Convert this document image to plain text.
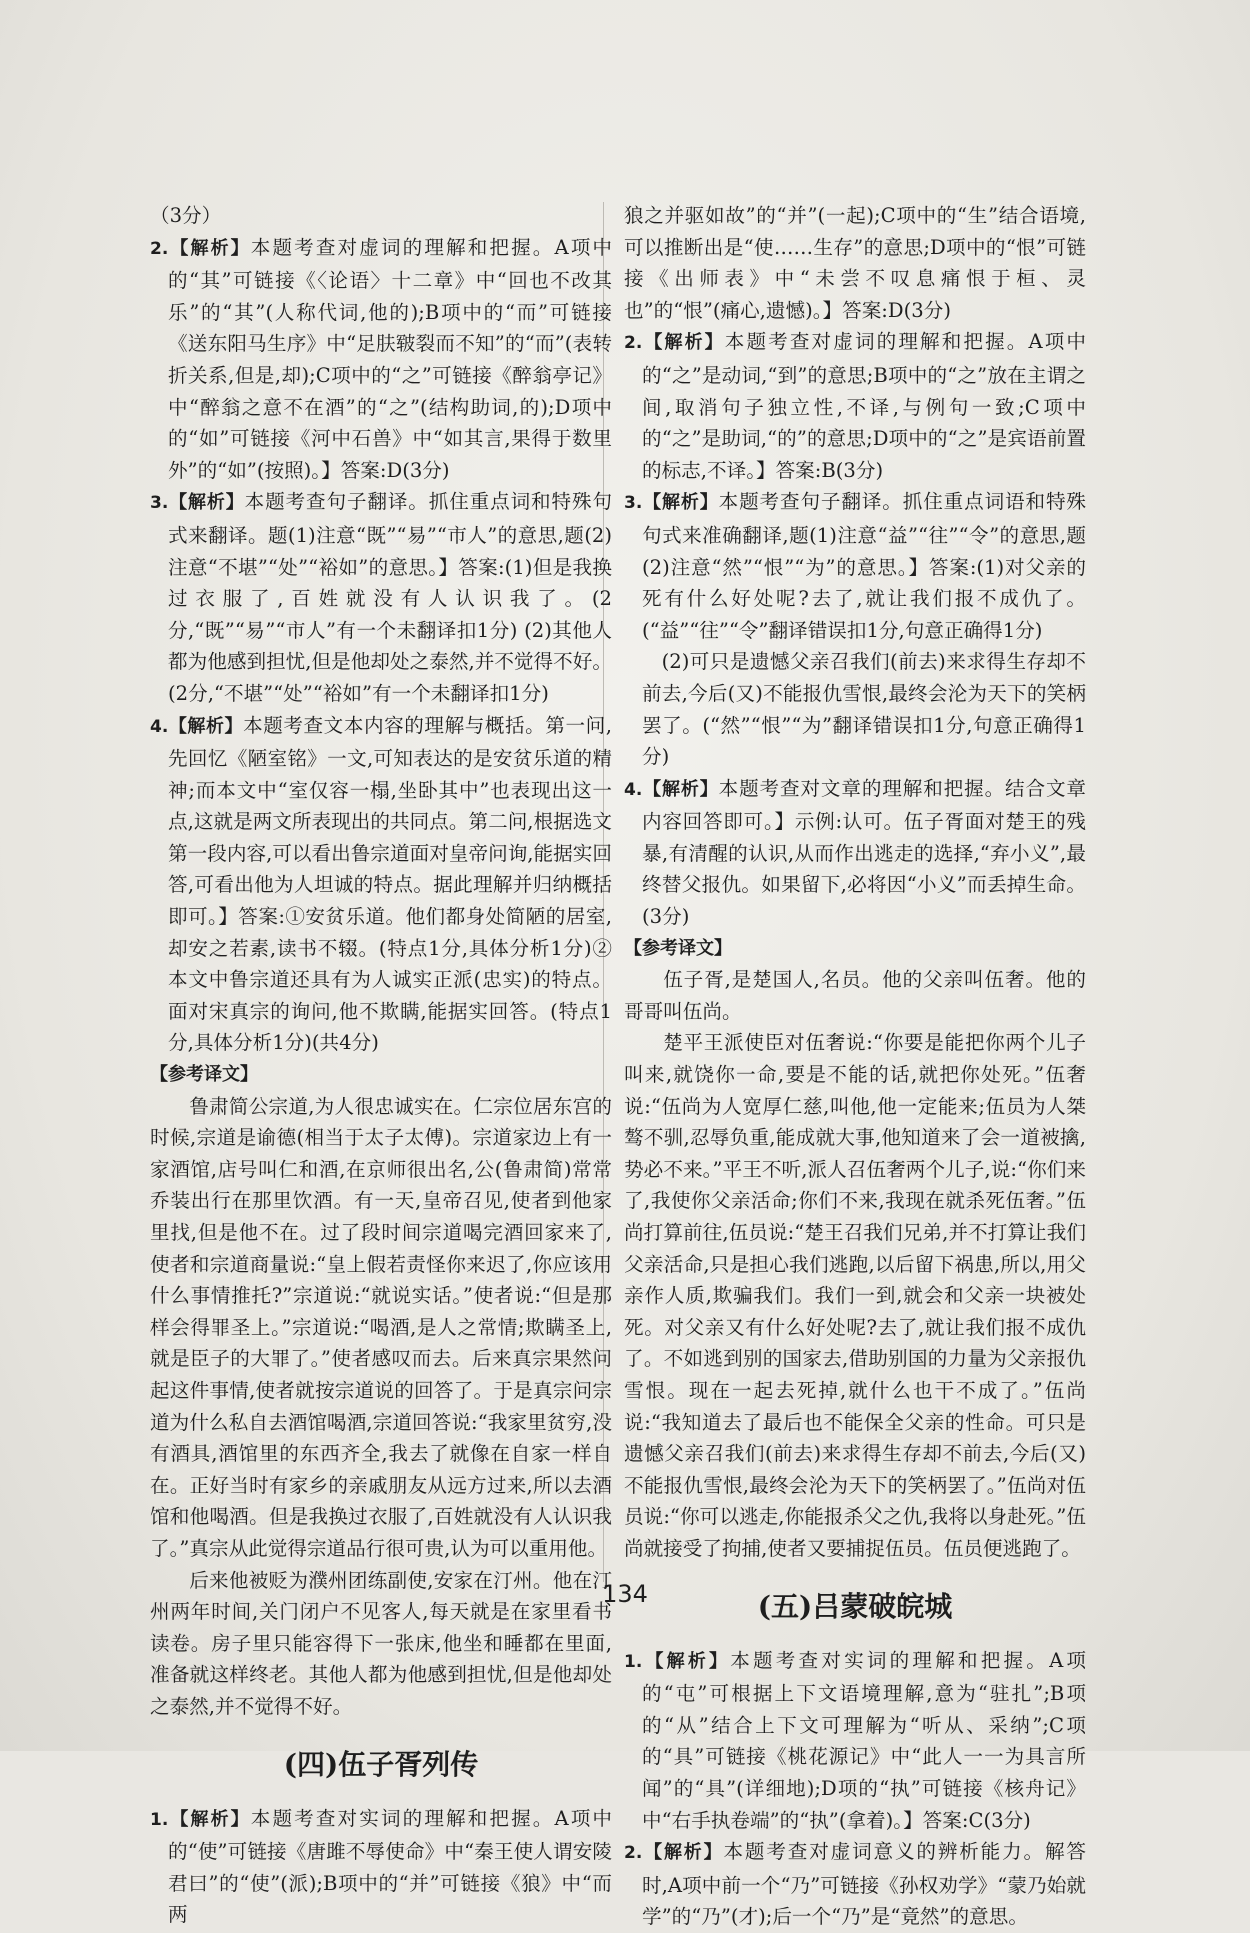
（3分）

2.【解析】本题考查对虚词的理解和把握。A项中的“其”可链接《〈论语〉十二章》中“回也不改其乐”的“其”(人称代词,他的);B项中的“而”可链接《送东阳马生序》中“足肤皲裂而不知”的“而”(表转折关系,但是,却);C项中的“之”可链接《醉翁亭记》中“醉翁之意不在酒”的“之”(结构助词,的);D项中的“如”可链接《河中石兽》中“如其言,果得于数里外”的“如”(按照)。】答案:D(3分)

3.【解析】本题考查句子翻译。抓住重点词和特殊句式来翻译。题(1)注意“既”“易”“市人”的意思,题(2)注意“不堪”“处”“裕如”的意思。】答案:(1)但是我换过衣服了,百姓就没有人认识我了。(2分,“既”“易”“市人”有一个未翻译扣1分) (2)其他人都为他感到担忧,但是他却处之泰然,并不觉得不好。(2分,“不堪”“处”“裕如”有一个未翻译扣1分)

4.【解析】本题考查文本内容的理解与概括。第一问,先回忆《陋室铭》一文,可知表达的是安贫乐道的精神;而本文中“室仅容一榻,坐卧其中”也表现出这一点,这就是两文所表现出的共同点。第二问,根据选文第一段内容,可以看出鲁宗道面对皇帝问询,能据实回答,可看出他为人坦诚的特点。据此理解并归纳概括即可。】答案:①安贫乐道。他们都身处简陋的居室,却安之若素,读书不辍。(特点1分,具体分析1分)②本文中鲁宗道还具有为人诚实正派(忠实)的特点。面对宋真宗的询问,他不欺瞒,能据实回答。(特点1分,具体分析1分)(共4分)

【参考译文】

鲁肃简公宗道,为人很忠诚实在。仁宗位居东宫的时候,宗道是谕德(相当于太子太傅)。宗道家边上有一家酒馆,店号叫仁和酒,在京师很出名,公(鲁肃简)常常乔装出行在那里饮酒。有一天,皇帝召见,使者到他家里找,但是他不在。过了段时间宗道喝完酒回家来了,使者和宗道商量说:“皇上假若责怪你来迟了,你应该用什么事情推托?”宗道说:“就说实话。”使者说:“但是那样会得罪圣上。”宗道说:“喝酒,是人之常情;欺瞒圣上,就是臣子的大罪了。”使者感叹而去。后来真宗果然问起这件事情,使者就按宗道说的回答了。于是真宗问宗道为什么私自去酒馆喝酒,宗道回答说:“我家里贫穷,没有酒具,酒馆里的东西齐全,我去了就像在自家一样自在。正好当时有家乡的亲戚朋友从远方过来,所以去酒馆和他喝酒。但是我换过衣服了,百姓就没有人认识我了。”真宗从此觉得宗道品行很可贵,认为可以重用他。

后来他被贬为濮州团练副使,安家在汀州。他在汀州两年时间,关门闭户不见客人,每天就是在家里看书读卷。房子里只能容得下一张床,他坐和睡都在里面,准备就这样终老。其他人都为他感到担忧,但是他却处之泰然,并不觉得不好。

(四)伍子胥列传

1.【解析】本题考查对实词的理解和把握。A项中的“使”可链接《唐雎不辱使命》中“秦王使人谓安陵君曰”的“使”(派);B项中的“并”可链接《狼》中“而两

狼之并驱如故”的“并”(一起);C项中的“生”结合语境,可以推断出是“使……生存”的意思;D项中的“恨”可链接《出师表》中“未尝不叹息痛恨于桓、灵也”的“恨”(痛心,遗憾)。】答案:D(3分)

2.【解析】本题考查对虚词的理解和把握。A项中的“之”是动词,“到”的意思;B项中的“之”放在主谓之间,取消句子独立性,不译,与例句一致;C项中的“之”是助词,“的”的意思;D项中的“之”是宾语前置的标志,不译。】答案:B(3分)

3.【解析】本题考查句子翻译。抓住重点词语和特殊句式来准确翻译,题(1)注意“益”“往”“令”的意思,题(2)注意“然”“恨”“为”的意思。】答案:(1)对父亲的死有什么好处呢?去了,就让我们报不成仇了。(“益”“往”“令”翻译错误扣1分,句意正确得1分)

(2)可只是遗憾父亲召我们(前去)来求得生存却不前去,今后(又)不能报仇雪恨,最终会沦为天下的笑柄罢了。(“然”“恨”“为”翻译错误扣1分,句意正确得1分)

4.【解析】本题考查对文章的理解和把握。结合文章内容回答即可。】示例:认可。伍子胥面对楚王的残暴,有清醒的认识,从而作出逃走的选择,“弃小义”,最终替父报仇。如果留下,必将因“小义”而丢掉生命。(3分)

【参考译文】

伍子胥,是楚国人,名员。他的父亲叫伍奢。他的哥哥叫伍尚。

楚平王派使臣对伍奢说:“你要是能把你两个儿子叫来,就饶你一命,要是不能的话,就把你处死。”伍奢说:“伍尚为人宽厚仁慈,叫他,他一定能来;伍员为人桀骜不驯,忍辱负重,能成就大事,他知道来了会一道被擒,势必不来。”平王不听,派人召伍奢两个儿子,说:“你们来了,我使你父亲活命;你们不来,我现在就杀死伍奢。”伍尚打算前往,伍员说:“楚王召我们兄弟,并不打算让我们父亲活命,只是担心我们逃跑,以后留下祸患,所以,用父亲作人质,欺骗我们。我们一到,就会和父亲一块被处死。对父亲又有什么好处呢?去了,就让我们报不成仇了。不如逃到别的国家去,借助别国的力量为父亲报仇雪恨。现在一起去死掉,就什么也干不成了。”伍尚说:“我知道去了最后也不能保全父亲的性命。可只是遗憾父亲召我们(前去)来求得生存却不前去,今后(又)不能报仇雪恨,最终会沦为天下的笑柄罢了。”伍尚对伍员说:“你可以逃走,你能报杀父之仇,我将以身赴死。”伍尚就接受了拘捕,使者又要捕捉伍员。伍员便逃跑了。

(五)吕蒙破皖城

1.【解析】本题考查对实词的理解和把握。A项的“屯”可根据上下文语境理解,意为“驻扎”;B项的“从”结合上下文可理解为“听从、采纳”;C项的“具”可链接《桃花源记》中“此人一一为具言所闻”的“具”(详细地);D项的“执”可链接《核舟记》中“右手执卷端”的“执”(拿着)。】答案:C(3分)

2.【解析】本题考查对虚词意义的辨析能力。解答时,A项中前一个“乃”可链接《孙权劝学》“蒙乃始就学”的“乃”(才);后一个“乃”是“竟然”的意思。

134
